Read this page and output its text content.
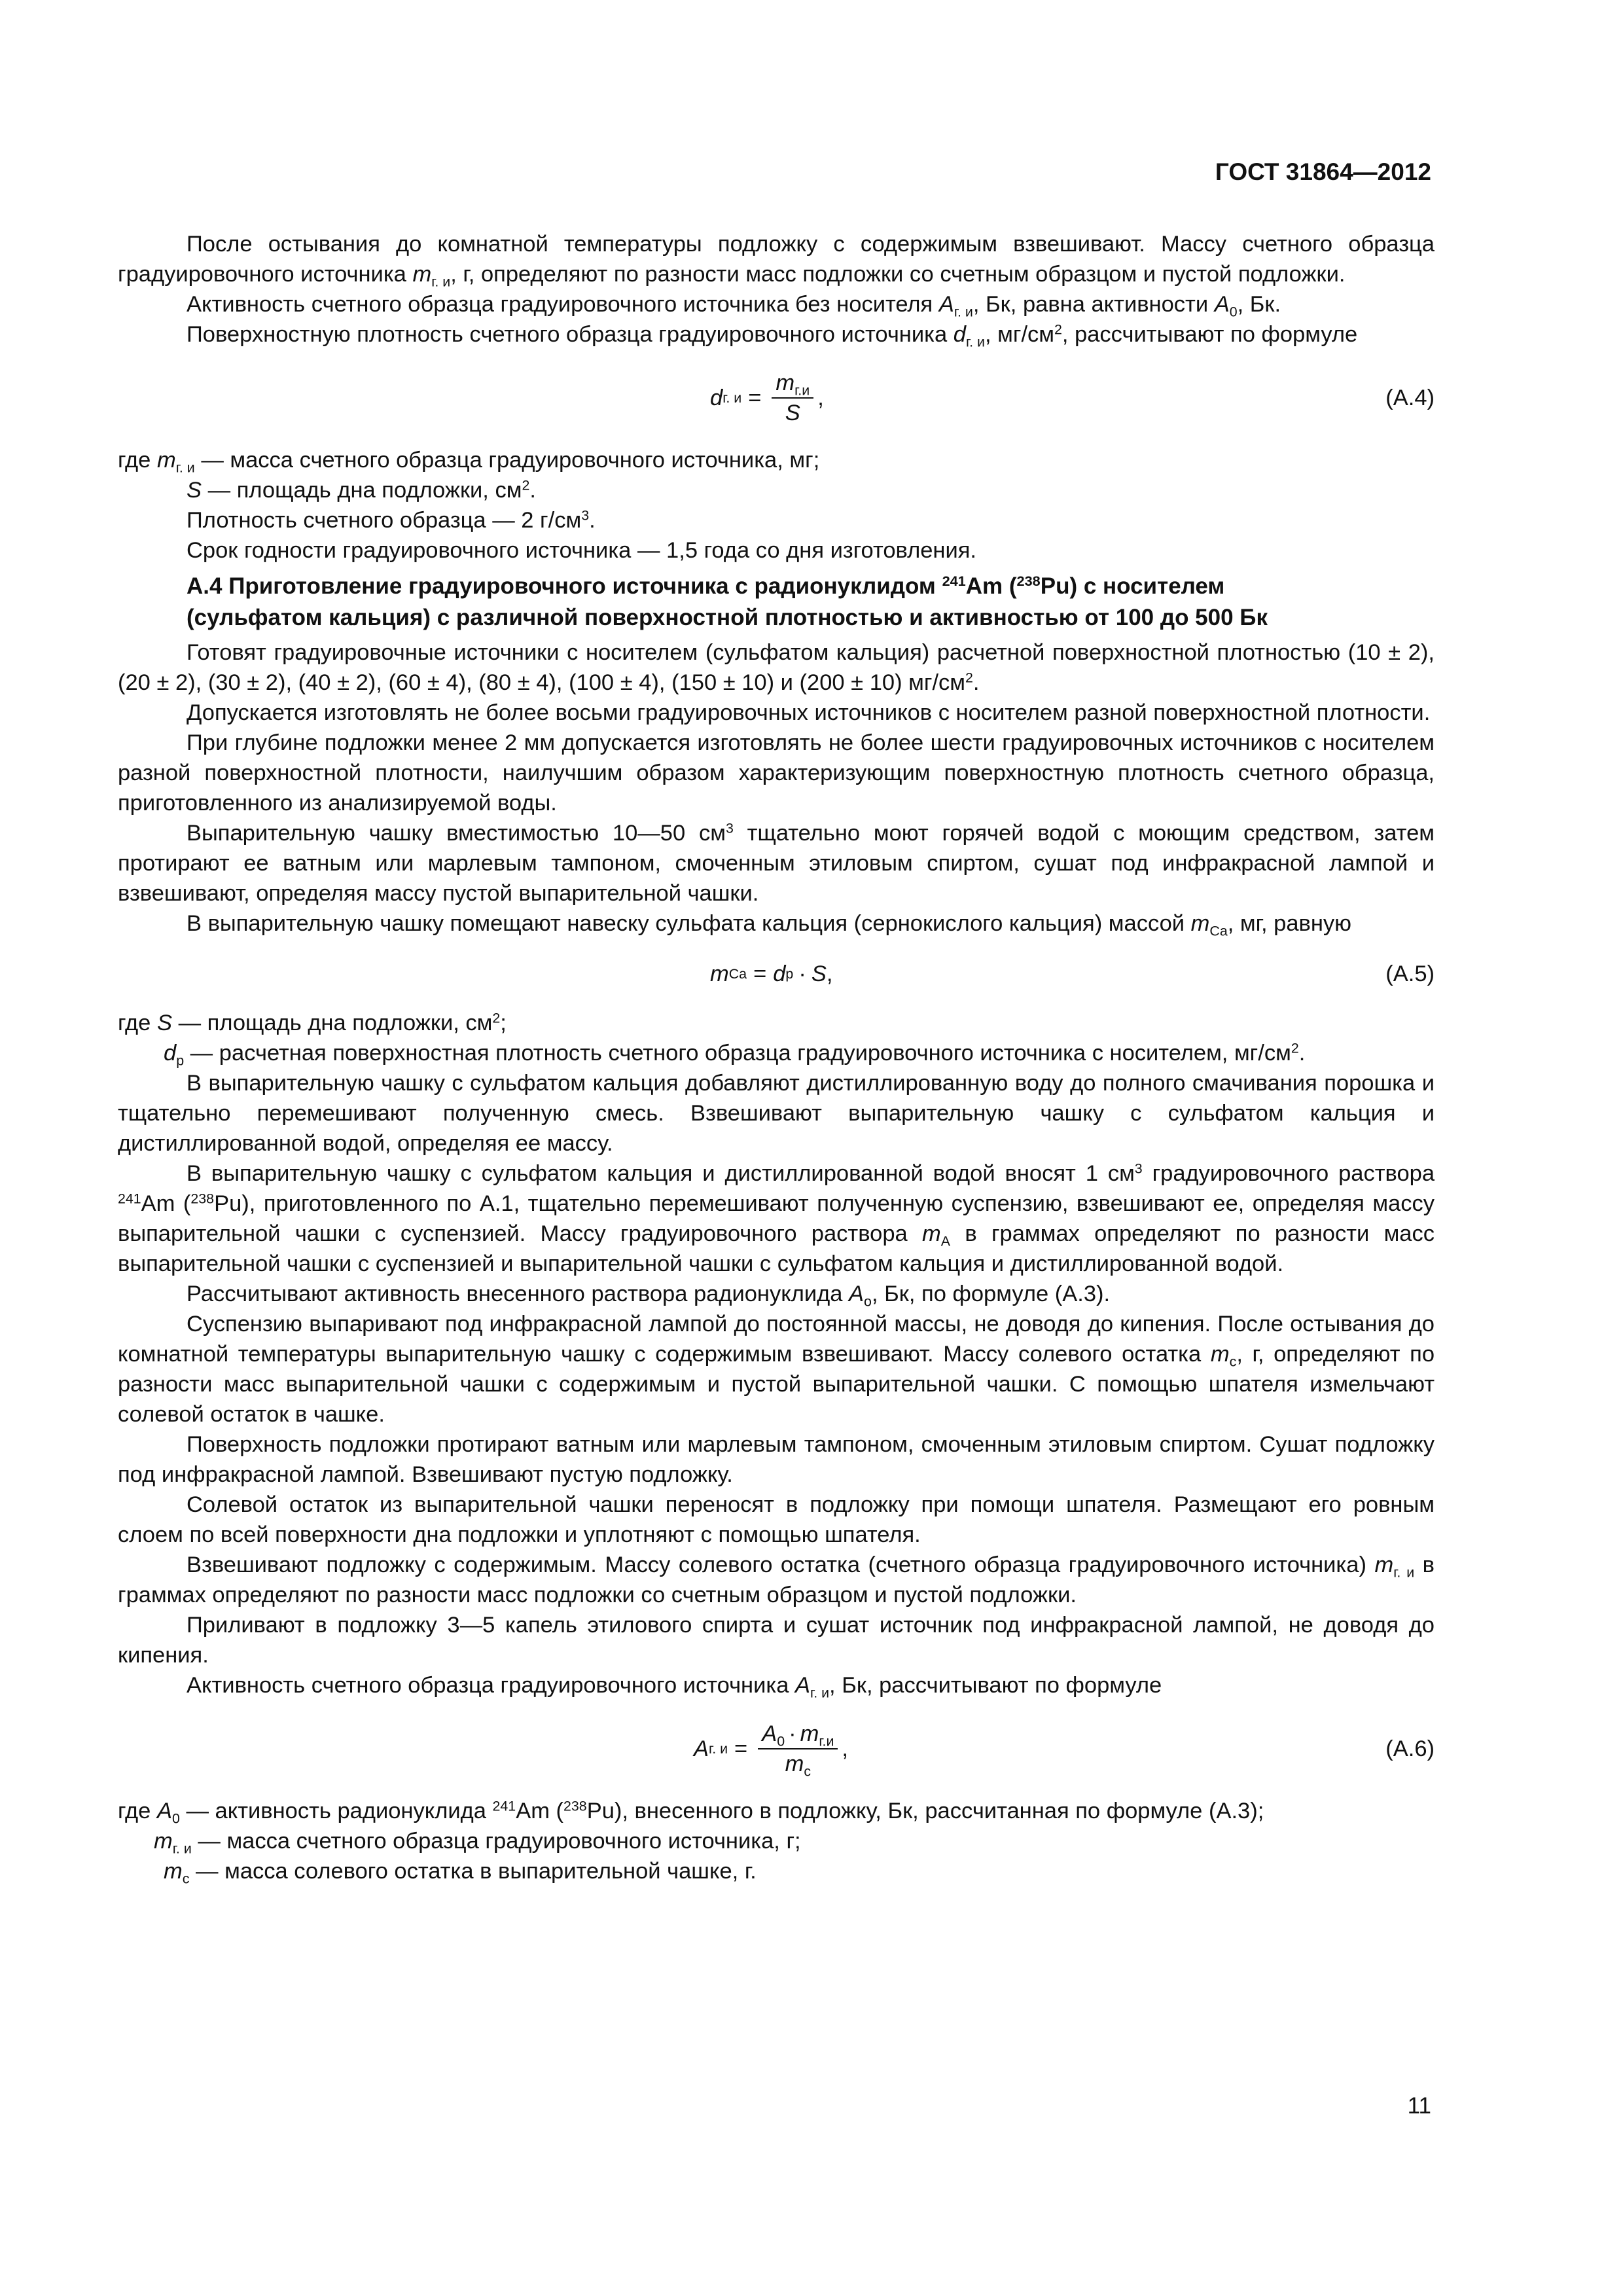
ГОСТ 31864—2012

После остывания до комнатной температуры подложку с содержимым взвешивают. Массу счетного образца градуировочного источника $m_{г. и}$, г, определяют по разности масс подложки со счетным образцом и пустой подложки.

Активность счетного образца градуировочного источника без носителя $A_{г. и}$, Бк, равна активности $A_0$, Бк.

Поверхностную плотность счетного образца градуировочного источника $d_{г. и}$, $мг/см^2$, рассчитывают по формуле

d г. $и = \frac{m_{г.и}}{S}$ ,	(А.4)

где $m_{г. и}$ — масса счетного образца градуировочного источника, мг;

S — площадь дна подложки, $см^2$.

Плотность счетного образца — 2 $г/см^3$.

Срок годности градуировочного источника — 1,5 года со дня изготовления.

А.4 Приготовление градуировочного источника с радионуклидом $^{241}$Am ($^{238}$Pu) с носителем
(сульфатом кальция) с различной поверхностной плотностью и активностью от 100 до 500 Бк

Готовят градуировочные источники с носителем (сульфатом кальция) расчетной поверхностной плотностью (10 ± 2), (20 ± 2), (30 ± 2), (40 ± 2), (60 ± 4), (80 ± 4), (100 ± 4), (150 ± 10) и (200 ± 10) $мг/см^2$.

Допускается изготовлять не более восьми градуировочных источников с носителем разной поверхностной плотности.

При глубине подложки менее 2 мм допускается изготовлять не более шести градуировочных источников с носителем разной поверхностной плотности, наилучшим образом характеризующим поверхностную плотность счетного образца, приготовленного из анализируемой воды.

Выпарительную чашку вместимостью 10—50 $см^3$ тщательно моют горячей водой с моющим средством, затем протирают ее ватным или марлевым тампоном, смоченным этиловым спиртом, сушат под инфракрасной лампой и взвешивают, определяя массу пустой выпарительной чашки.

В выпарительную чашку помещают навеску сульфата кальция (сернокислого кальция) массой $m_{Ca}$, мг, равную

m Ca = d р · S ,	(А.5)

где S — площадь дна подложки, $см^2$;

$d_р$ — расчетная поверхностная плотность счетного образца градуировочного источника с носителем, $мг/см^2$.

В выпарительную чашку с сульфатом кальция добавляют дистиллированную воду до полного смачивания порошка и тщательно перемешивают полученную смесь. Взвешивают выпарительную чашку с сульфатом кальция и дистиллированной водой, определяя ее массу.

В выпарительную чашку с сульфатом кальция и дистиллированной водой вносят 1 $см^3$ градуировочного раствора $^{241}$Am ($^{238}$Pu), приготовленного по А.1, тщательно перемешивают полученную суспензию, взвешивают ее, определяя массу выпарительной чашки с суспензией. Массу градуировочного раствора $m_A$ в граммах определяют по разности масс выпарительной чашки с суспензией и выпарительной чашки с сульфатом кальция и дистиллированной водой.

Рассчитывают активность внесенного раствора радионуклида $A_о$, Бк, по формуле (А.3).

Суспензию выпаривают под инфракрасной лампой до постоянной массы, не доводя до кипения. После остывания до комнатной температуры выпарительную чашку с содержимым взвешивают. Массу солевого остатка $m_с$, г, определяют по разности масс выпарительной чашки с содержимым и пустой выпарительной чашки. С помощью шпателя измельчают солевой остаток в чашке.

Поверхность подложки протирают ватным или марлевым тампоном, смоченным этиловым спиртом. Сушат подложку под инфракрасной лампой. Взвешивают пустую подложку.

Солевой остаток из выпарительной чашки переносят в подложку при помощи шпателя. Размещают его ровным слоем по всей поверхности дна подложки и уплотняют с помощью шпателя.

Взвешивают подложку с содержимым. Массу солевого остатка (счетного образца градуировочного источника) $m_{г. и}$ в граммах определяют по разности масс подложки со счетным образцом и пустой подложки.

Приливают в подложку 3—5 капель этилового спирта и сушат источник под инфракрасной лампой, не доводя до кипения.

Активность счетного образца градуировочного источника $A_{г. и}$, Бк, рассчитывают по формуле

A г. $и = \frac{A_0 \cdot m_{г.и}}{m_с}$ ,	(А.6)

где $A_0$ — активность радионуклида $^{241}$Am ($^{238}$Pu), внесенного в подложку, Бк, рассчитанная по формуле (А.3);

$m_{г. и}$ — масса счетного образца градуировочного источника, г;

$m_с$ — масса солевого остатка в выпарительной чашке, г.

11
